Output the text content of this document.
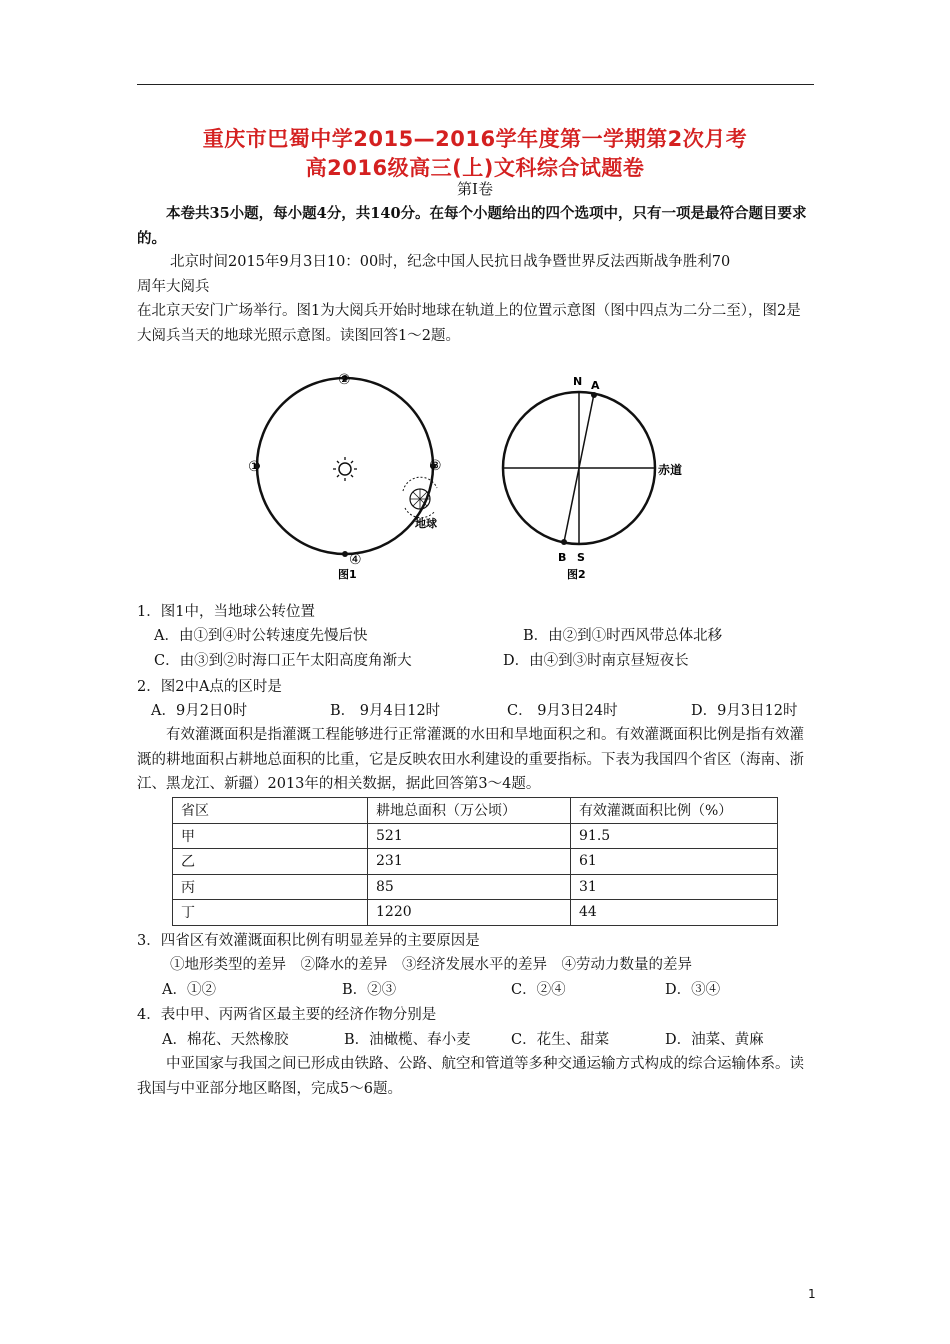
重庆市巴蜀中学2015—2016学年度第一学期第2次月考
高2016级高三(上)文科综合试题卷
第Ⅰ卷
本卷共35小题，每小题4分，共140分。在每个小题给出的四个选项中，只有一项是最符合题目要求的。
北京时间2015年9月3日10：00时，纪念中国人民抗日战争暨世界反法西斯战争胜利70
周年大阅兵
在北京天安门广场举行。图1为大阅兵开始时地球在轨道上的位置示意图（图中四点为二分二至），图2是大阅兵当天的地球光照示意图。读图回答1～2题。
②
①	③
④
地球
图1
N A
B S
赤道
图2
1．图1中，当地球公转位置
A．由①到④时公转速度先慢后快	B．由②到①时西风带总体北移
C．由③到②时海口正午太阳高度角渐大	D．由④到③时南京昼短夜长
2．图2中A点的区时是
A．9月2日0时	B． 9月4日12时	C． 9月3日24时	D．9月3日12时
有效灌溉面积是指灌溉工程能够进行正常灌溉的水田和旱地面积之和。有效灌溉面积比例是指有效灌溉的耕地面积占耕地总面积的比重，它是反映农田水利建设的重要指标。下表为我国四个省区（海南、浙江、黑龙江、新疆）2013年的相关数据，据此回答第3～4题。
省区	耕地总面积（万公顷）	有效灌溉面积比例（%）
甲	521	91.5
乙	231	61
丙	85	31
丁	1220	44
3．四省区有效灌溉面积比例有明显差异的主要原因是
①地形类型的差异　②降水的差异　③经济发展水平的差异　④劳动力数量的差异
A．①②	B．②③	C．②④	D．③④
4．表中甲、丙两省区最主要的经济作物分别是
A．棉花、天然橡胶	B．油橄榄、春小麦	C．花生、甜菜	D．油菜、黄麻
中亚国家与我国之间已形成由铁路、公路、航空和管道等多种交通运输方式构成的综合运输体系。读我国与中亚部分地区略图，完成5～6题。
1
